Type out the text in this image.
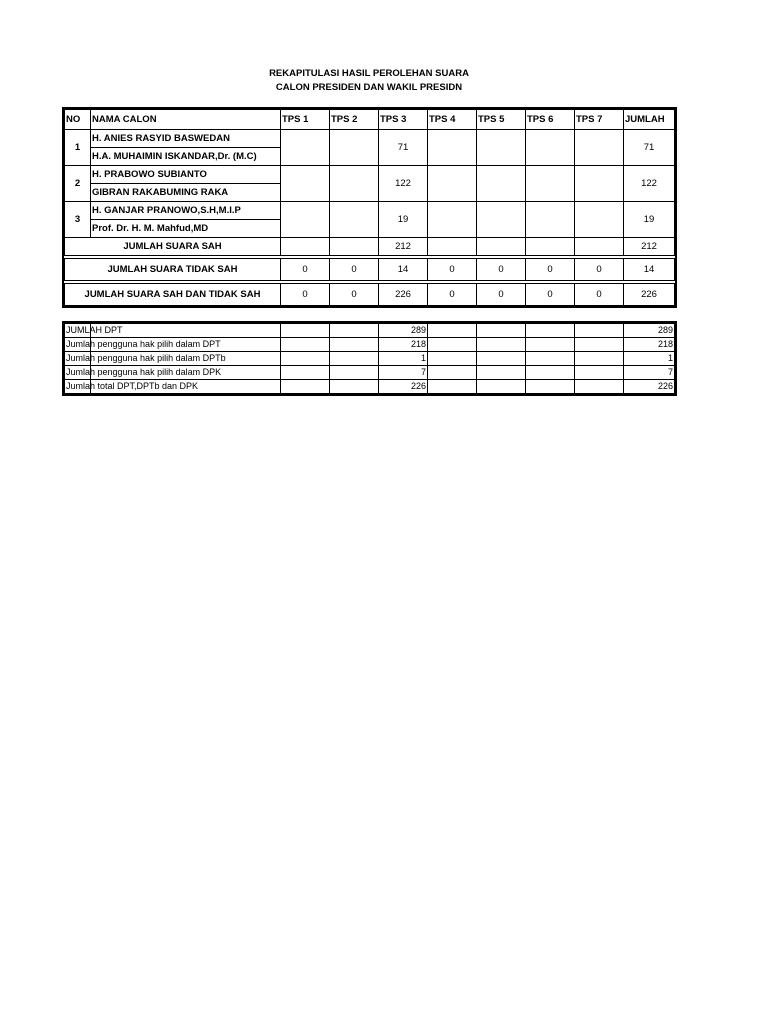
REKAPITULASI HASIL PEROLEHAN SUARA
CALON PRESIDEN DAN WAKIL PRESIDN
NO	NAMA CALON	TPS 1	TPS 2	TPS 3	TPS 4	TPS 5	TPS 6	TPS 7	JUMLAH
1	H. ANIES RASYID BASWEDAN			71					71
	H.A. MUHAIMIN ISKANDAR,Dr. (M.C)								
2	H. PRABOWO SUBIANTO			122					122
	GIBRAN RAKABUMING RAKA								
3	H. GANJAR PRANOWO,S.H,M.I.P			19					19
	Prof. Dr. H. M. Mahfud,MD								
JUMLAH SUARA SAH				212					212

JUMLAH SUARA TIDAK SAH		0	0	14	0	0	0	0	14

JUMLAH SUARA SAH DAN TIDAK SAH		0	0	226	0	0	0	0	226
JUMLAH DPT				289					289
Jumlah pengguna hak pilih dalam DPT				218					218
Jumlah pengguna hak pilih dalam DPTb				1					1
Jumlah pengguna hak pilih dalam DPK				7					7
Jumlah total DPT,DPTb dan DPK				226					226
